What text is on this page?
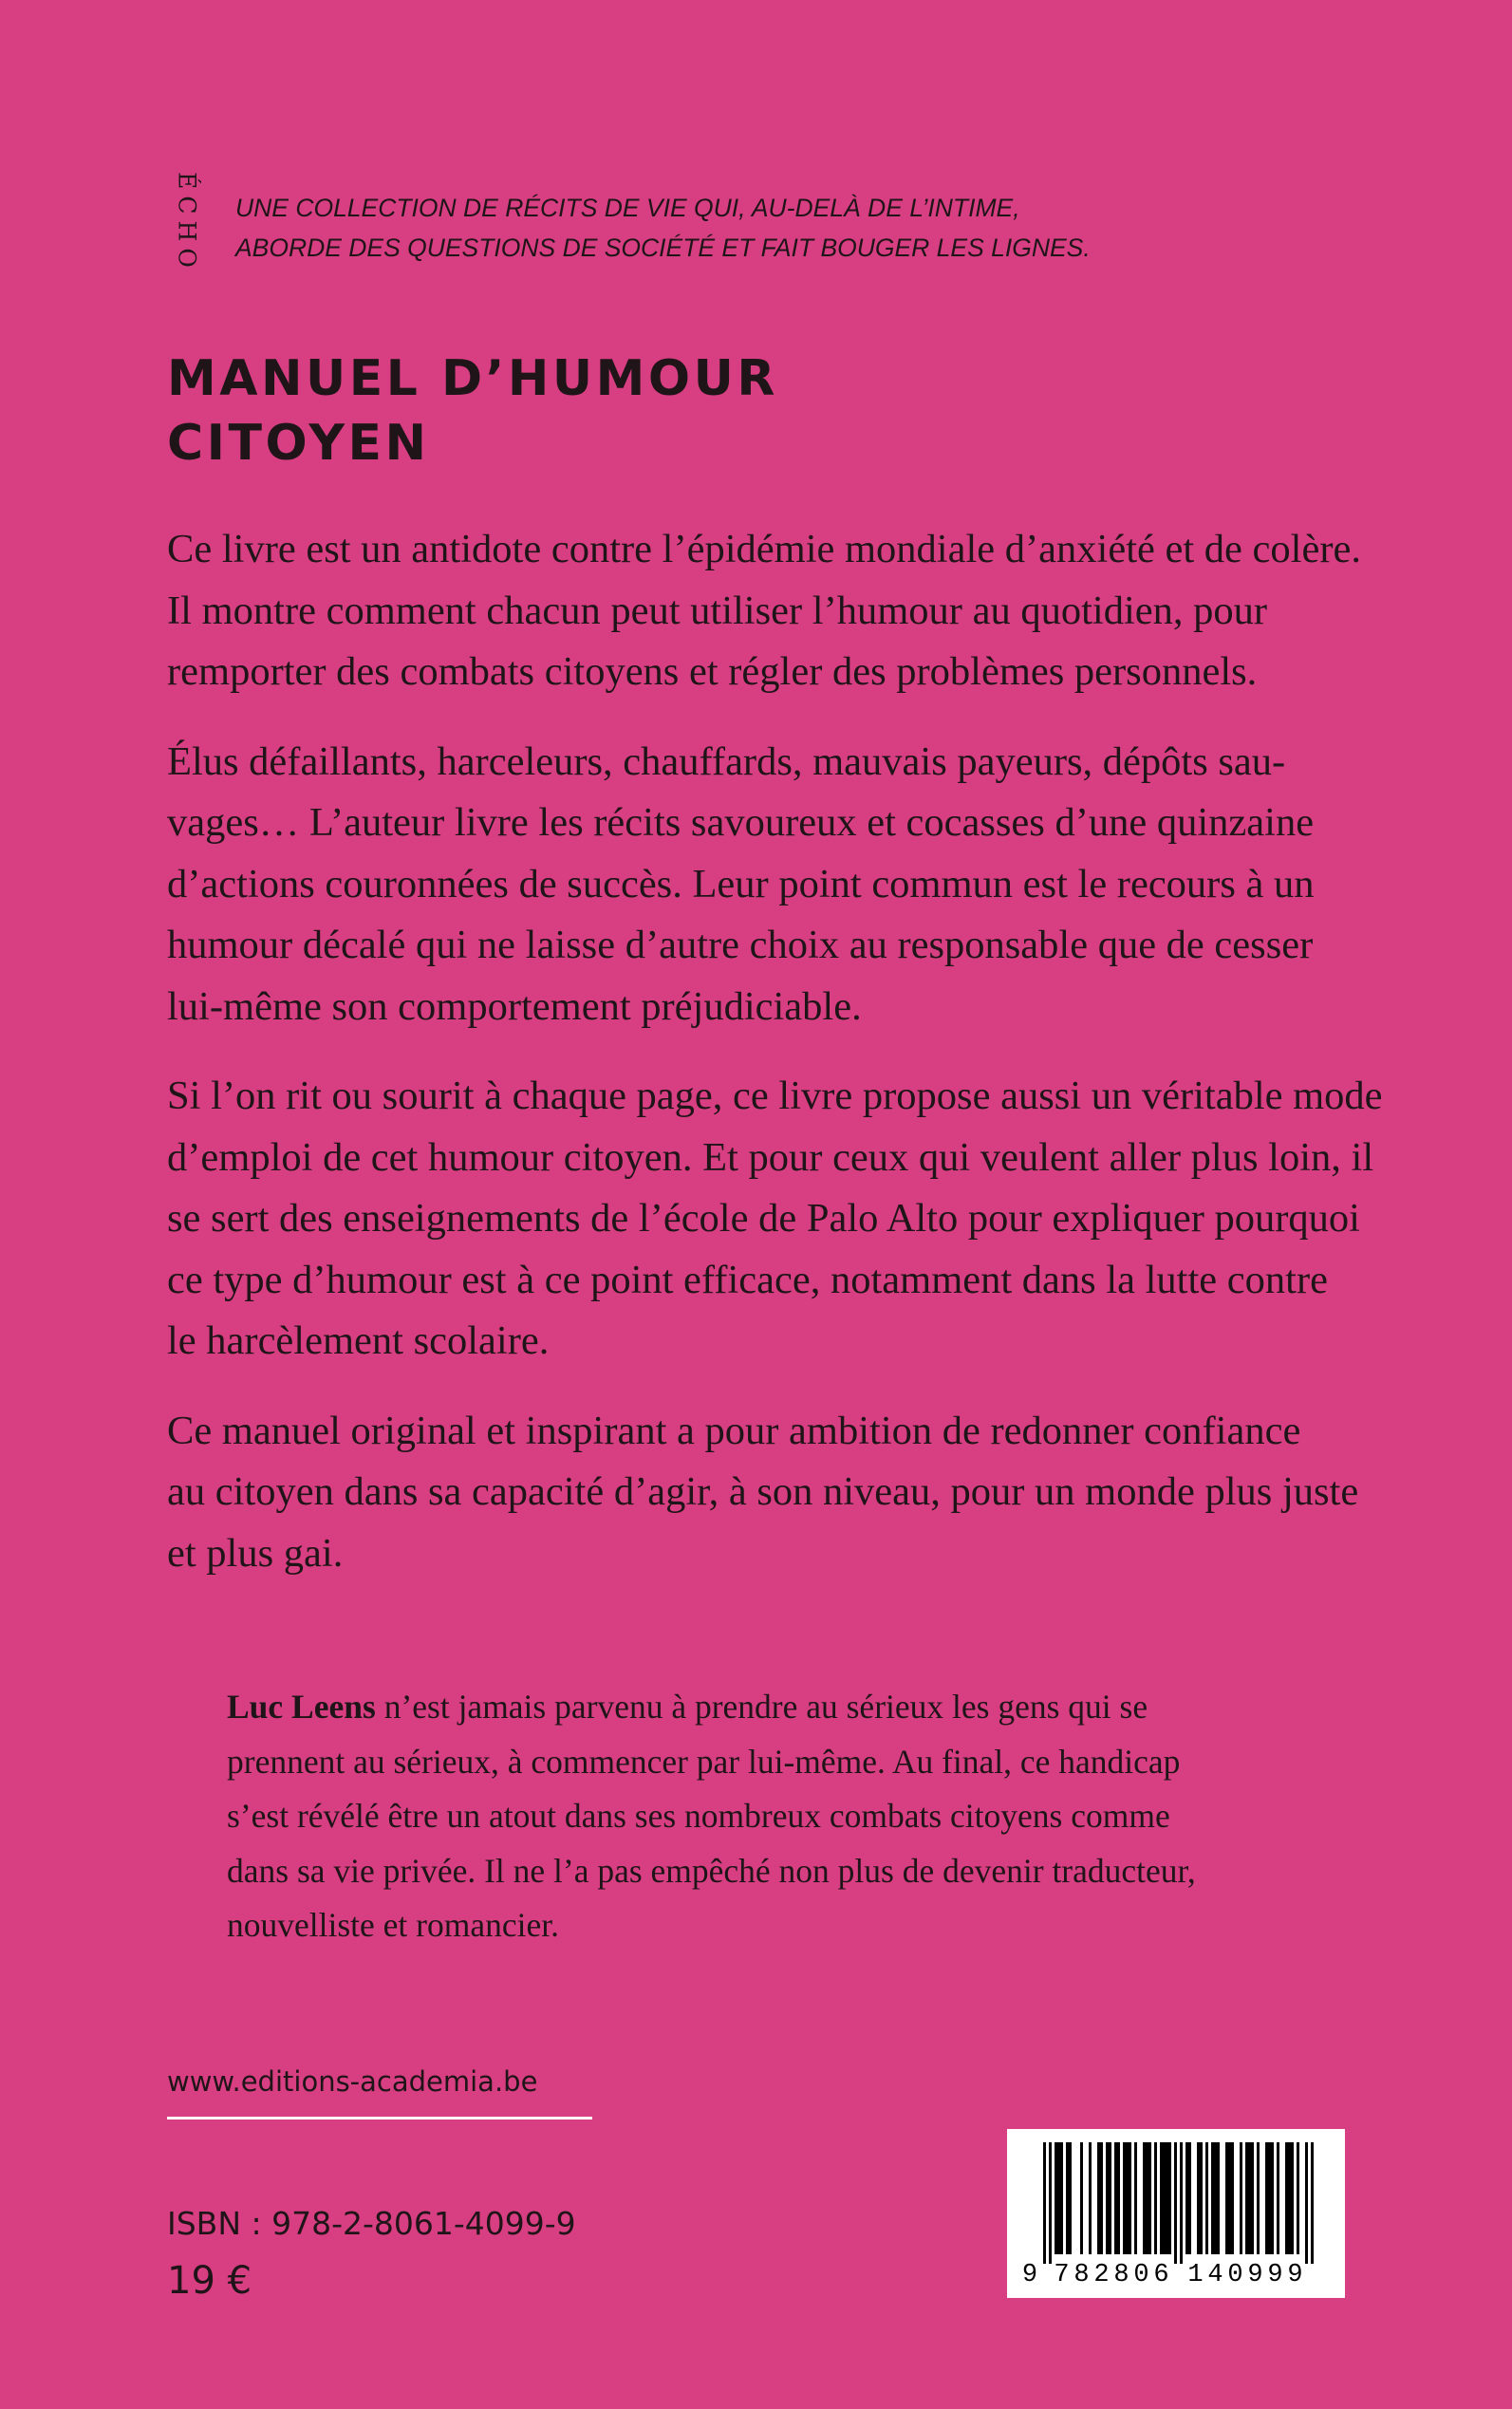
ÉCHO UNE COLLECTION DE RÉCITS DE VIE QUI, AU-DELÀ DE L’INTIME,
ABORDE DES QUESTIONS DE SOCIÉTÉ ET FAIT BOUGER LES LIGNES.

MANUEL D’HUMOUR
CITOYEN

Ce livre est un antidote contre l’épidémie mondiale d’anxiété et de colère.
Il montre comment chacun peut utiliser l’humour au quotidien, pour
remporter des combats citoyens et régler des problèmes personnels.

Élus défaillants, harceleurs, chauffards, mauvais payeurs, dépôts sau-
vages… L’auteur livre les récits savoureux et cocasses d’une quinzaine
d’actions couronnées de succès. Leur point commun est le recours à un
humour décalé qui ne laisse d’autre choix au responsable que de cesser
lui-même son comportement préjudiciable.

Si l’on rit ou sourit à chaque page, ce livre propose aussi un véritable mode
d’emploi de cet humour citoyen. Et pour ceux qui veulent aller plus loin, il
se sert des enseignements de l’école de Palo Alto pour expliquer pourquoi
ce type d’humour est à ce point efficace, notamment dans la lutte contre
le harcèlement scolaire.

Ce manuel original et inspirant a pour ambition de redonner confiance
au citoyen dans sa capacité d’agir, à son niveau, pour un monde plus juste
et plus gai.

Luc Leens n’est jamais parvenu à prendre au sérieux les gens qui se
prennent au sérieux, à commencer par lui-même. Au final, ce handicap
s’est révélé être un atout dans ses nombreux combats citoyens comme
dans sa vie privée. Il ne l’a pas empêché non plus de devenir traducteur,
nouvelliste et romancier.
www.editions-academia.be
ISBN : 978-2-8061-4099-9
19 €	9 7 8 2 8 0 6 1 4 0 9 9 9
